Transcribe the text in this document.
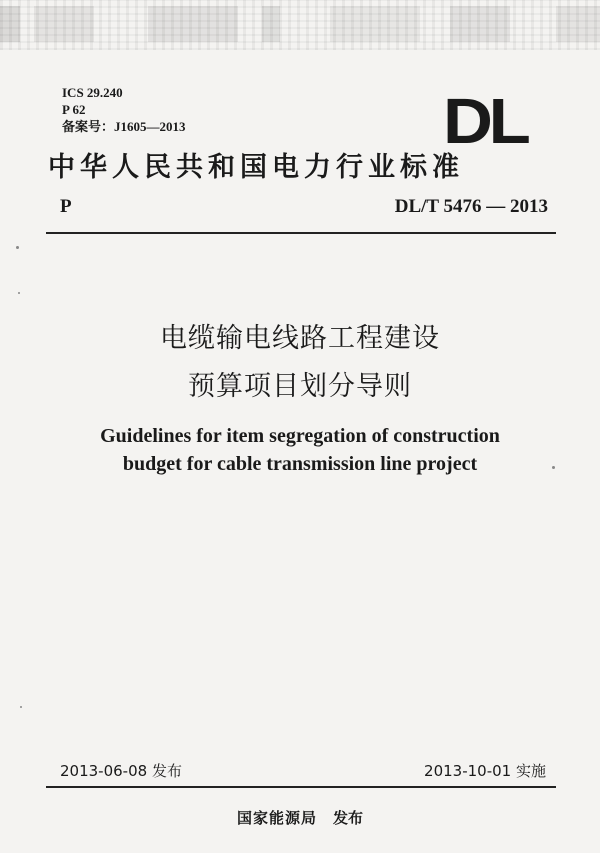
ICS 29.240
P 62
备案号：J1605—2013	DL
中华人民共和国电力行业标准
P	DL/T 5476 — 2013
电缆输电线路工程建设
预算项目划分导则
Guidelines for item segregation of construction
budget for cable transmission line project
2013-06-08 发布	2013-10-01 实施
国家能源局 发布
